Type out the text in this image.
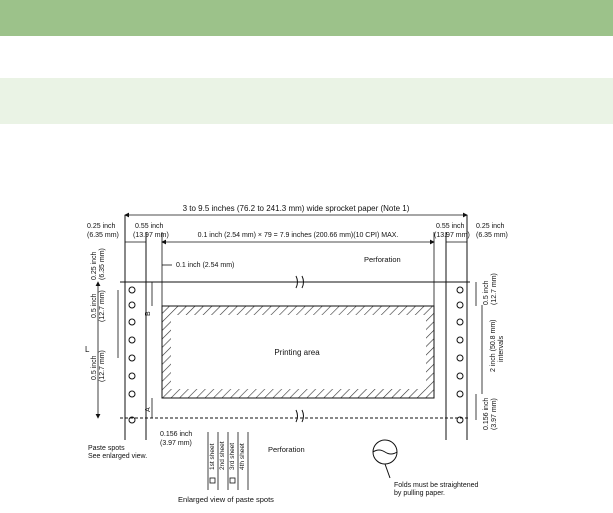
3 to 9.5 inches (76.2 to 241.3 mm) wide sprocket paper (Note 1)
0.25 inch
(6.35 mm)
0.55 inch
(13.97 mm)	0.1 inch (2.54 mm) × 79 = 7.9 inches (200.66 mm)(10 CPI) MAX.
0.55 inch
(13.97 mm)
0.25 inch
(6.35 mm)
0.1 inch (2.54 mm)
Perforation
0.25 inch (6.35 mm)
0.5 inch (12.7 mm)
0.5 inch (12.7 mm)
L
B
A
Printing area
0.5 inch (12.7 mm)
2 inch (50.8 mm) intervals
0.156 inch (3.97 mm)
Paste spots
See enlarged view.
0.156 inch
(3.97 mm)
Perforation
1st sheet 2nd sheet 3rd sheet 4th sheet
Enlarged view of paste spots
Folds must be straightened
by pulling paper.
